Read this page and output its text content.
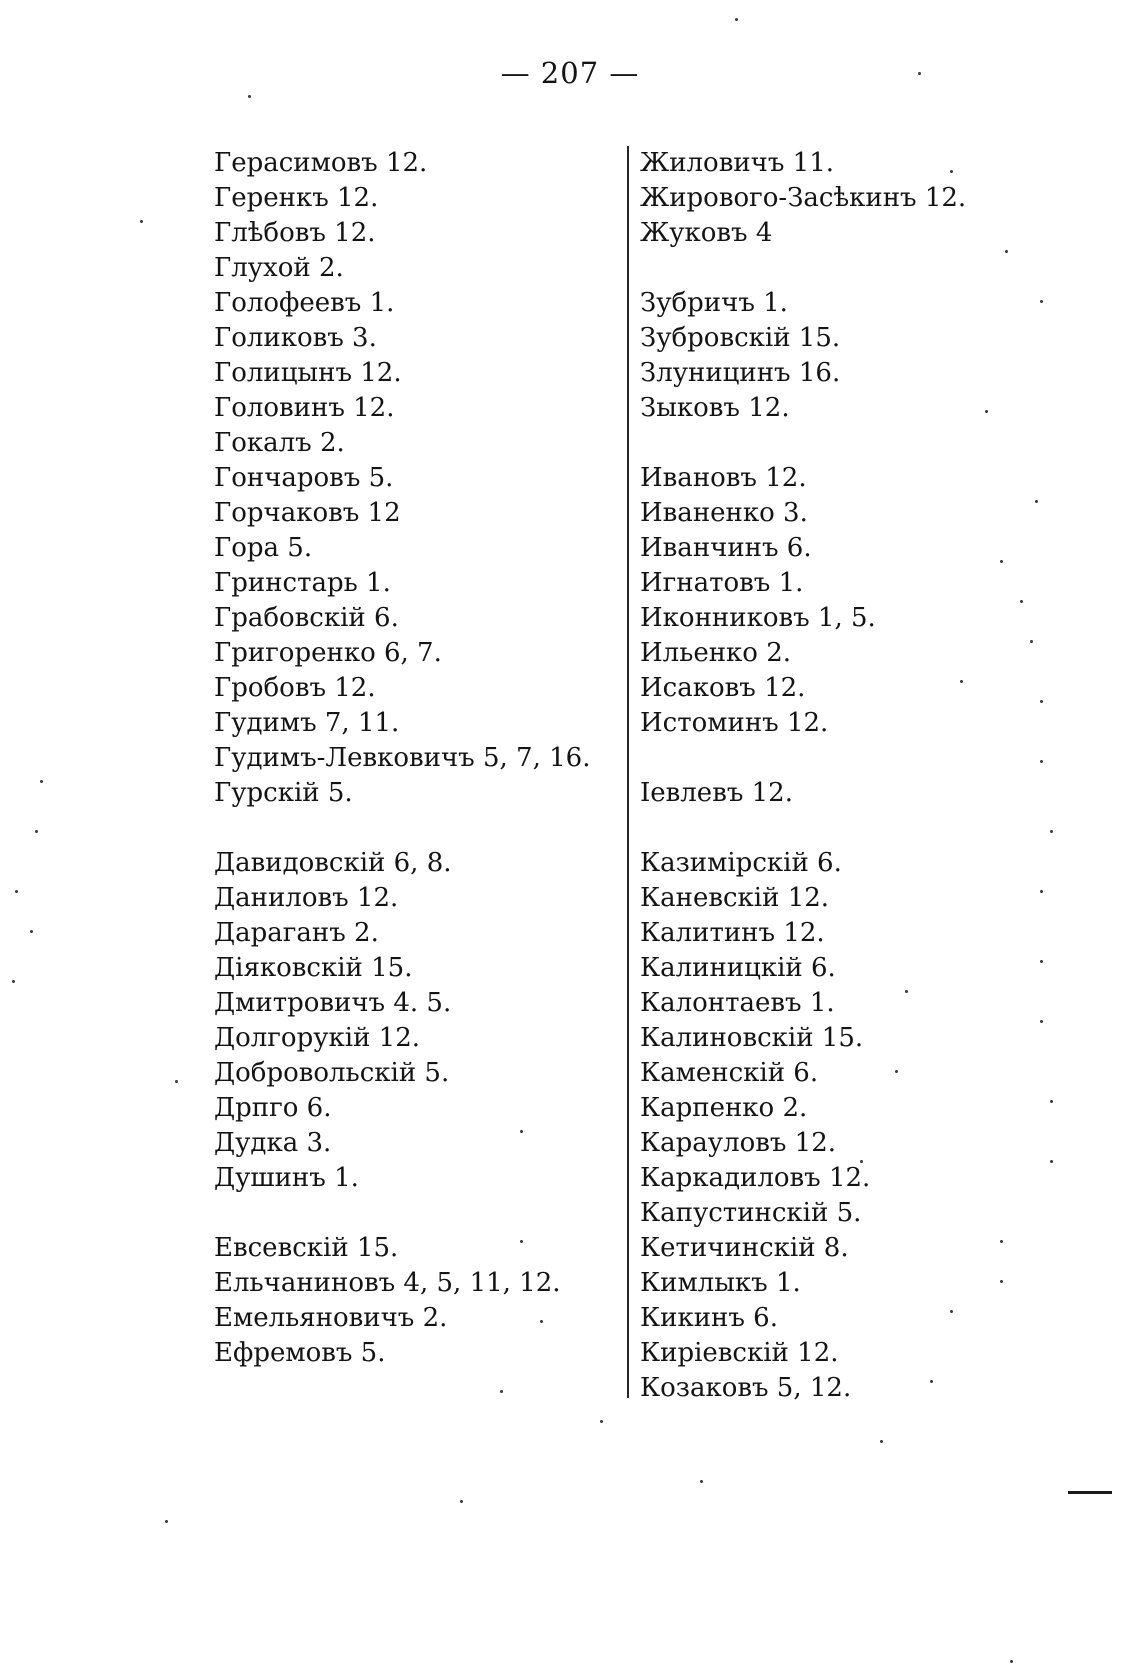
— 207 —
Герасимовъ 12.
Геренкъ 12.
Глѣбовъ 12.
Глухой 2.
Голофеевъ 1.
Голиковъ 3.
Голицынъ 12.
Головинъ 12.
Гокалъ 2.
Гончаровъ 5.
Горчаковъ 12
Гора 5.
Гринстарь 1.
Грабовскій 6.
Григоренко 6, 7.
Гробовъ 12.
Гудимъ 7, 11.
Гудимъ-Левковичъ 5, 7, 16.
Гурскій 5.
Давидовскій 6, 8.
Даниловъ 12.
Дараганъ 2.
Діяковскій 15.
Дмитровичъ 4. 5.
Долгорукій 12.
Добровольскій 5.
Дрпго 6.
Дудка 3.
Душинъ 1.
Евсевскій 15.
Ельчаниновъ 4, 5, 11, 12.
Емельяновичъ 2.
Ефремовъ 5.
Жиловичъ 11.
Жирового-Засѣкинъ 12.
Жуковъ 4
Зубричъ 1.
Зубровскій 15.
Злуницинъ 16.
Зыковъ 12.
Ивановъ 12.
Иваненко 3.
Иванчинъ 6.
Игнатовъ 1.
Иконниковъ 1, 5.
Ильенко 2.
Исаковъ 12.
Истоминъ 12.
Іевлевъ 12.
Казимірскій 6.
Каневскій 12.
Калитинъ 12.
Калиницкій 6.
Калонтаевъ 1.
Калиновскій 15.
Каменскій 6.
Карпенко 2.
Карауловъ 12.
Каркадиловъ 12.
Капустинскій 5.
Кетичинскій 8.
Кимлыкъ 1.
Кикинъ 6.
Киріевскій 12.
Козаковъ 5, 12.
